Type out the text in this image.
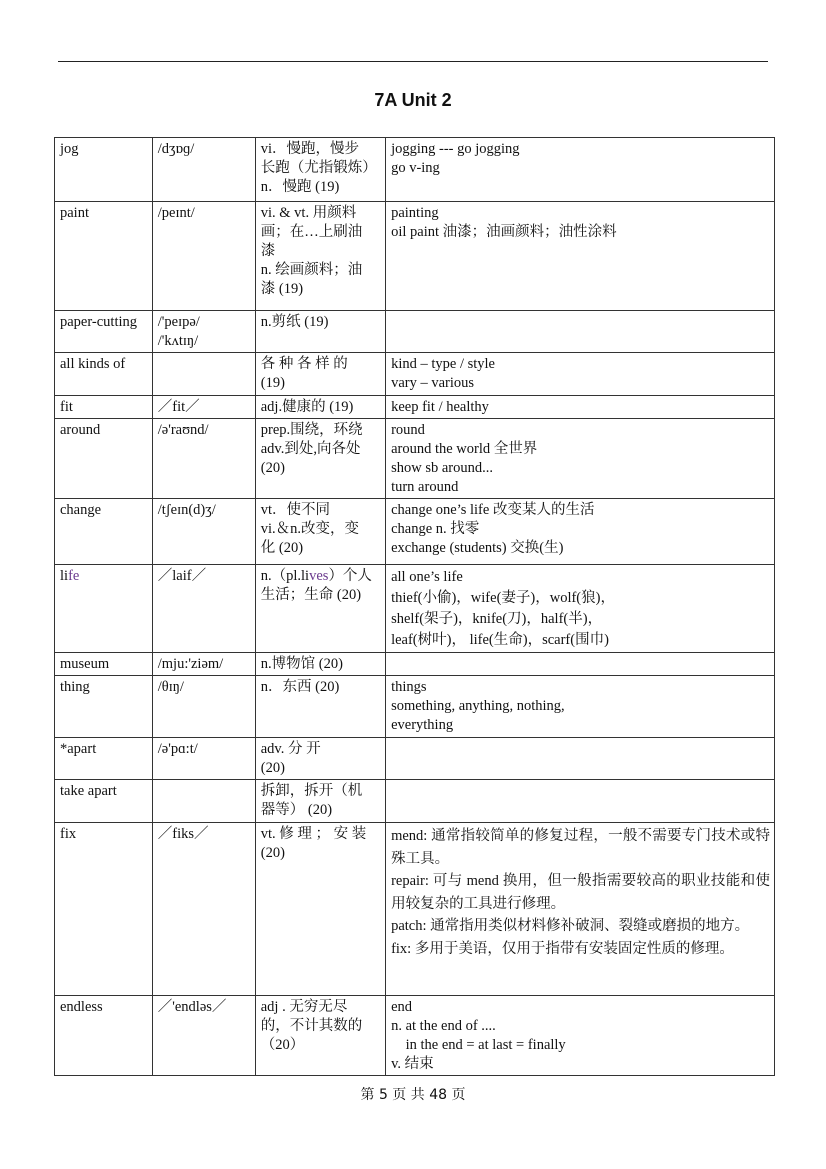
7A Unit 2
jog	/dʒɒɡ/	vi．慢跑，慢步
长跑（尤指锻炼）
n．慢跑 (19)	jogging --- go jogging
go v-ing

paint	/peɪnt/	vi. & vt. 用颜料
画；在…上刷油
漆
n. 绘画颜料；油
漆 (19)	painting
oil paint 油漆；油画颜料；油性涂料

paper-cutting	/'peɪpə/
/'kʌtɪŋ/	n.剪纸 (19)	

all kinds of		各 种 各 样 的
(19)	kind – type / style
vary – various

fit	／fit／	adj.健康的 (19)	keep fit / healthy

around	/ə'raʊnd/	prep.围绕，环绕
adv.到处,向各处
(20)	round
around the world 全世界
show sb around...
turn around

change	/tʃeɪn(d)ʒ/	vt．使不同
vi.＆n.改变，变
化 (20)	change one’s life 改变某人的生活
change n. 找零
exchange (students) 交换(生)

life	／laif／	n.（pl.lives）个人
生活；生命 (20)	all one’s life
thief(小偷)，wife(妻子)，wolf(狼)，
shelf(架子)，knife(刀)，half(半)，
leaf(树叶)， life(生命)，scarf(围巾)

museum	/mju:'ziəm/	n.博物馆 (20)	

thing	/θɪŋ/	n．东西 (20)	things
something, anything, nothing,
everything

*apart	/ə'pɑ:t/	adv. 分 开
(20)	

take apart		拆卸，拆开（机
器等） (20)	

fix	／fiks／	vt. 修 理 ； 安 装
(20)	mend: 通常指较简单的修复过程，一般不需要专门技术或特殊工具。
repair: 可与 mend 换用，但一般指需要较高的职业技能和使用较复杂的工具进行修理。
patch: 通常指用类似材料修补破洞、裂缝或磨损的地方。
fix: 多用于美语，仅用于指带有安装固定性质的修理。

endless	／'endləs／	adj . 无穷无尽
的，不计其数的
（20）	end
n. at the end of ....
in the end = at last = finally
v. 结束
第 5 页 共 48 页
